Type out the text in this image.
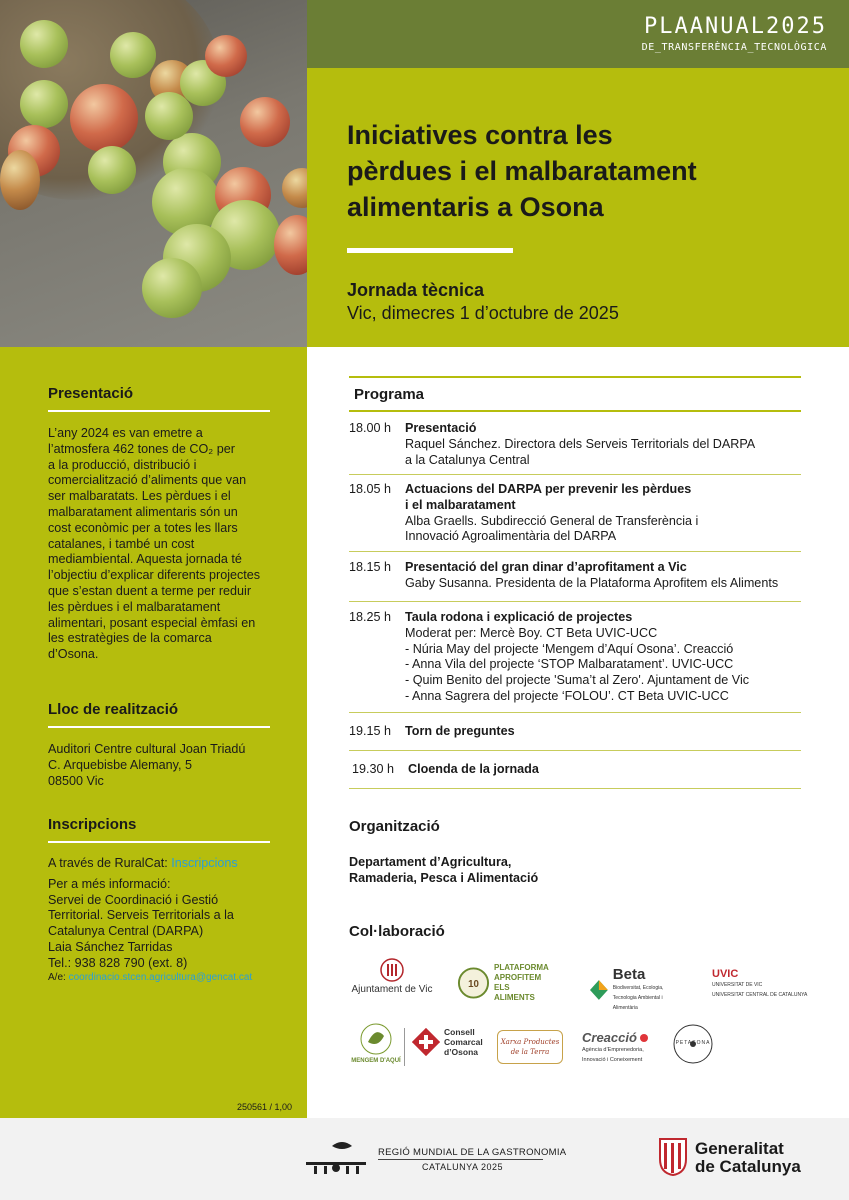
PLAANUAL2025
DE_TRANSFERÈNCIA_TECNOLÒGICA
Iniciatives contra les
pèrdues i el malbaratament
alimentaris a Osona
Jornada tècnica
Vic, dimecres 1 d’octubre de 2025
Presentació
L’any 2024 es van emetre a
l’atmosfera 462 tones de CO₂ per
a la producció, distribució i
comercialització d’aliments que van
ser malbaratats. Les pèrdues i el
malbaratament alimentaris són un
cost econòmic per a totes les llars
catalanes, i també un cost
mediambiental. Aquesta jornada té
l’objectiu d’explicar diferents projectes
que s’estan duent a terme per reduir
les pèrdues i el malbaratament
alimentari, posant especial èmfasi en
les estratègies de la comarca
d’Osona.
Lloc de realització
Auditori Centre cultural Joan Triadú
C. Arquebisbe Alemany, 5
08500 Vic
Inscripcions
A través de RuralCat: Inscripcions
Per a més informació:
Servei de Coordinació i Gestió
Territorial. Serveis Territorials a la
Catalunya Central (DARPA)
Laia Sánchez Tarridas
Tel.: 938 828 790 (ext. 8)
A/e: coordinacio.stcen.agricultura@gencat.cat
250561 / 1,00
Programa
18.00 h	Presentació
Raquel Sánchez. Directora dels Serveis Territorials del DARPA
a la Catalunya Central
18.05 h	Actuacions del DARPA per prevenir les pèrdues
i el malbaratament
Alba Graells. Subdirecció General de Transferència i
Innovació Agroalimentària del DARPA
18.15 h	Presentació del gran dinar d’aprofitament a Vic
Gaby Susanna. Presidenta de la Plataforma Aprofitem els Aliments
18.25 h	Taula rodona i explicació de projectes
Moderat per: Mercè Boy. CT Beta UVIC-UCC
- Núria May del projecte ‘Mengem d’Aquí Osona’. Creacció
- Anna Vila del projecte ‘STOP Malbaratament’. UVIC-UCC
- Quim Benito del projecte 'Suma’t al Zero'. Ajuntament de Vic
- Anna Sagrera del projecte ‘FOLOU’. CT Beta UVIC-UCC
19.15 h	Torn de preguntes
19.30 h	Cloenda de la jornada
Organització
Departament d’Agricultura,
Ramaderia, Pesca i Alimentació
Col·laboració
Ajuntament de Vic	10
PLATAFORMA
APROFITEM ELS
ALIMENTS
Beta
Biodiversitat, Ecologia,
Tecnologia Ambiental i Alimentària
UVIC
UNIVERSITAT DE VIC
UNIVERSITAT CENTRAL DE CATALUNYA
MENGEM D'AQUÍ
Consell
Comarcal
d’Osona
Xarxa Productes
de la Terra
Creacció
Agència d’Emprenedoria,
Innovació i Coneixement
PETASONA
REGIÓ MUNDIAL DE LA GASTRONOMIA
CATALUNYA 2025
Generalitat
de Catalunya
